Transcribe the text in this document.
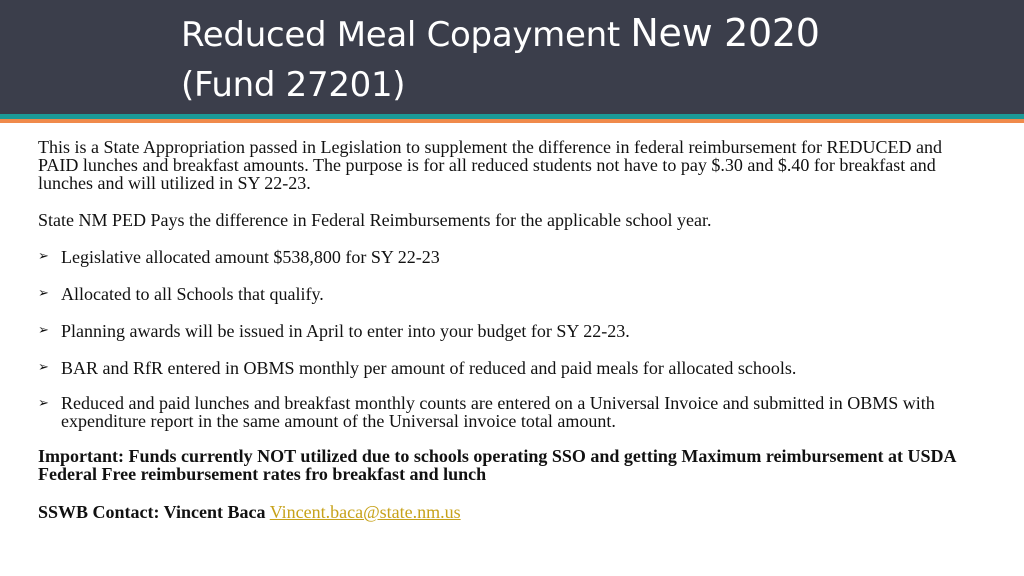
Reduced Meal Copayment New 2020
(Fund 27201)

This is a State Appropriation passed in Legislation to supplement the difference in federal reimbursement for REDUCED and PAID lunches and breakfast amounts. The purpose is for all reduced students not have to pay $.30 and $.40 for breakfast and lunches and will utilized in SY 22-23.

State NM PED Pays the difference in Federal Reimbursements for the applicable school year.

➢ Legislative allocated amount $538,800 for SY 22-23
➢ Allocated to all Schools that qualify.
➢ Planning awards will be issued in April to enter into your budget for SY 22-23.
➢ BAR and RfR entered in OBMS monthly per amount of reduced and paid meals for allocated schools.
➢ Reduced and paid lunches and breakfast monthly counts are entered on a Universal Invoice and submitted in OBMS with expenditure report in the same amount of the Universal invoice total amount.

Important: Funds currently NOT utilized due to schools operating SSO and getting Maximum reimbursement at USDA Federal Free reimbursement rates fro breakfast and lunch

SSWB Contact: Vincent Baca Vincent.baca@state.nm.us
